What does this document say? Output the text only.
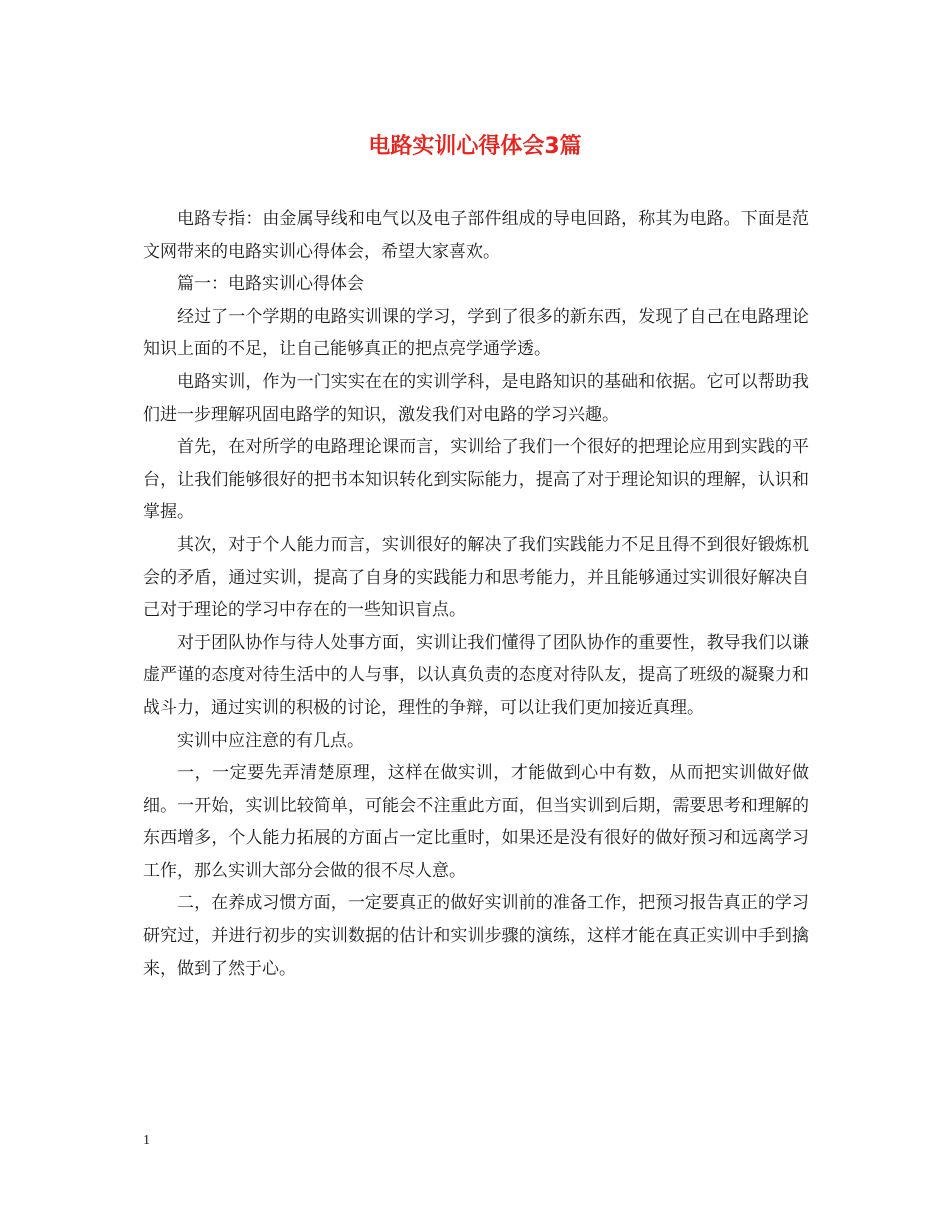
电路实训心得体会3篇

电路专指：由金属导线和电气以及电子部件组成的导电回路，称其为电路。下面是范文网带来的电路实训心得体会，希望大家喜欢。

篇一：电路实训心得体会

经过了一个学期的电路实训课的学习，学到了很多的新东西，发现了自己在电路理论知识上面的不足，让自己能够真正的把点亮学通学透。

电路实训，作为一门实实在在的实训学科，是电路知识的基础和依据。它可以帮助我们进一步理解巩固电路学的知识，激发我们对电路的学习兴趣。

首先，在对所学的电路理论课而言，实训给了我们一个很好的把理论应用到实践的平台，让我们能够很好的把书本知识转化到实际能力，提高了对于理论知识的理解，认识和掌握。

其次，对于个人能力而言，实训很好的解决了我们实践能力不足且得不到很好锻炼机会的矛盾，通过实训，提高了自身的实践能力和思考能力，并且能够通过实训很好解决自己对于理论的学习中存在的一些知识盲点。

对于团队协作与待人处事方面，实训让我们懂得了团队协作的重要性，教导我们以谦虚严谨的态度对待生活中的人与事，以认真负责的态度对待队友，提高了班级的凝聚力和战斗力，通过实训的积极的讨论，理性的争辩，可以让我们更加接近真理。

实训中应注意的有几点。

一，一定要先弄清楚原理，这样在做实训，才能做到心中有数，从而把实训做好做细。一开始，实训比较简单，可能会不注重此方面，但当实训到后期，需要思考和理解的东西增多，个人能力拓展的方面占一定比重时，如果还是没有很好的做好预习和远离学习工作，那么实训大部分会做的很不尽人意。

二，在养成习惯方面，一定要真正的做好实训前的准备工作，把预习报告真正的学习研究过，并进行初步的实训数据的估计和实训步骤的演练，这样才能在真正实训中手到擒来，做到了然于心。

1
